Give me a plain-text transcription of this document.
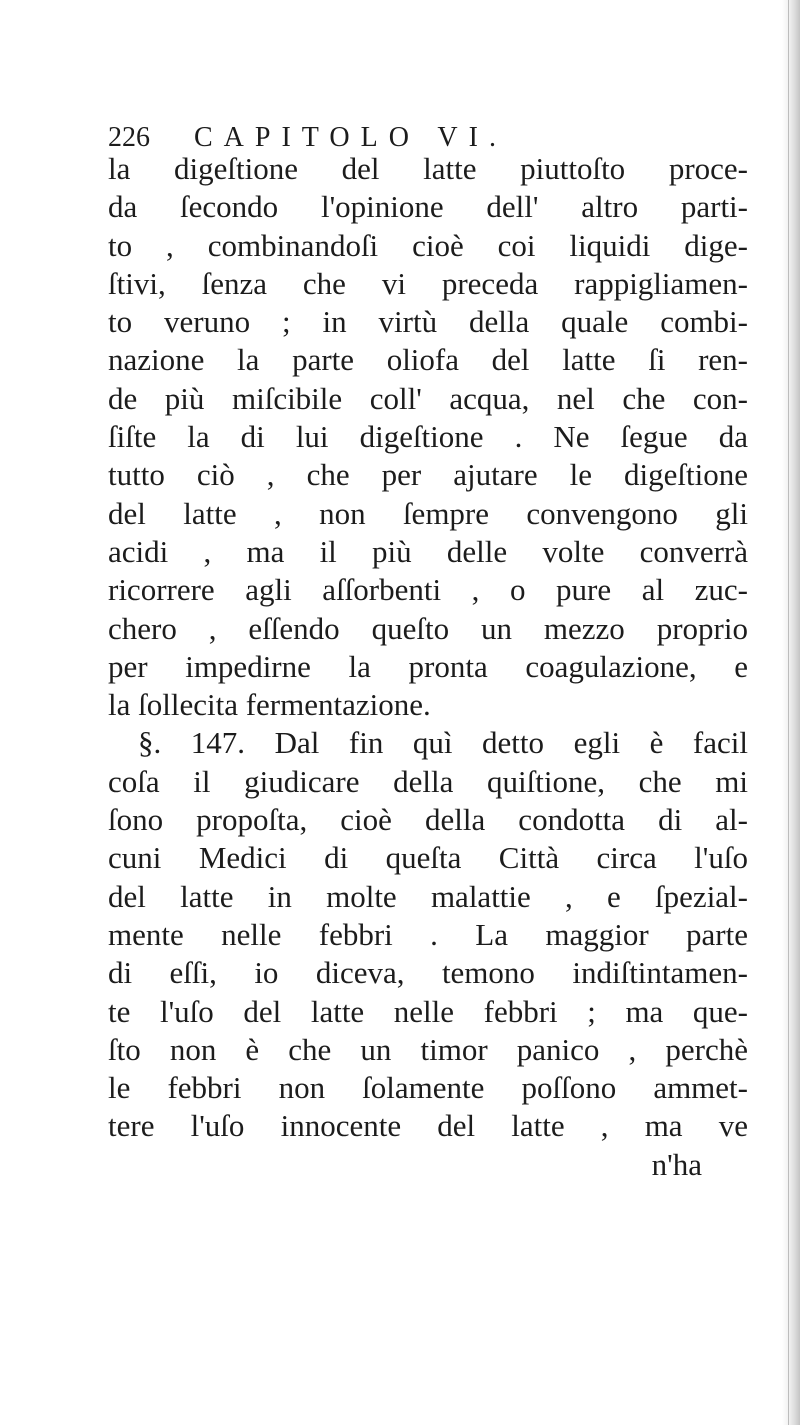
226 CAPITOLO VI.
la digeſtione del latte piuttoſto proce-
da ſecondo l'opinione dell' altro parti-
to , combinandoſi cioè coi liquidi dige-
ſtivi, ſenza che vi preceda rappigliamen-
to veruno ; in virtù della quale combi-
nazione la parte oliofa del latte ſi ren-
de più miſcibile coll' acqua, nel che con-
ſiſte la di lui digeſtione . Ne ſegue da
tutto ciò , che per ajutare le digeſtione
del latte , non ſempre convengono gli
acidi , ma il più delle volte converrà
ricorrere agli aſſorbenti , o pure al zuc-
chero , eſſendo queſto un mezzo proprio
per impedirne la pronta coagulazione, e
la ſollecita fermentazione.
§. 147. Dal fin quì detto egli è facil
coſa il giudicare della quiſtione, che mi
ſono propoſta, cioè della condotta di al-
cuni Medici di queſta Città circa l'uſo
del latte in molte malattie , e ſpezial-
mente nelle febbri . La maggior parte
di eſſi, io diceva, temono indiſtintamen-
te l'uſo del latte nelle febbri ; ma que-
ſto non è che un timor panico , perchè
le febbri non ſolamente poſſono ammet-
tere l'uſo innocente del latte , ma ve
n'ha
